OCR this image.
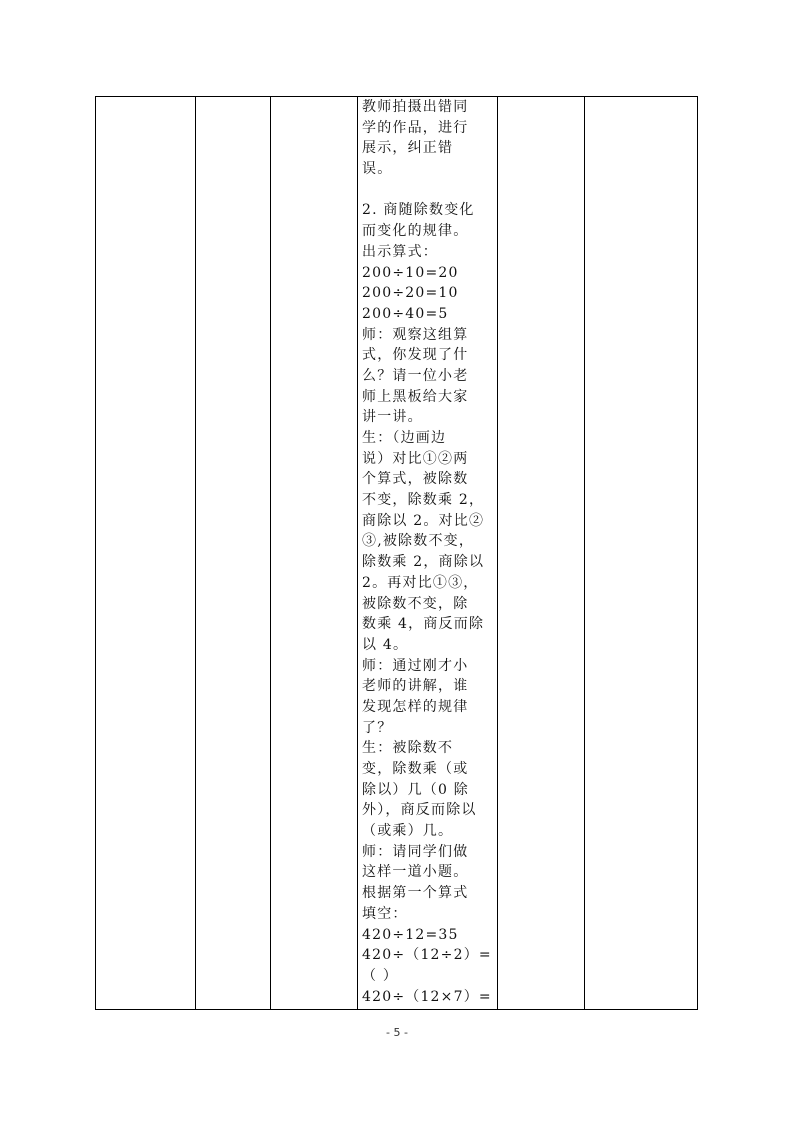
教师拍摄出错同
学的作品，进行
展示，纠正错
误。
2. 商随除数变化
而变化的规律。
出示算式：
200÷10=20
200÷20=10
200÷40=5
师：观察这组算
式，你发现了什
么？请一位小老
师上黑板给大家
讲一讲。
生：（边画边
说）对比①②两
个算式，被除数
不变，除数乘 2，
商除以 2。对比②
③,被除数不变，
除数乘 2，商除以
2。再对比①③，
被除数不变，除
数乘 4，商反而除
以 4。
师：通过刚才小
老师的讲解，谁
发现怎样的规律
了？
生：被除数不
变，除数乘（或
除以）几（0 除
外），商反而除以
（或乘）几。
师：请同学们做
这样一道小题。
根据第一个算式
填空：
420÷12=35
420÷（12÷2）=
（ ）
420÷（12×7）=
- 5 -
